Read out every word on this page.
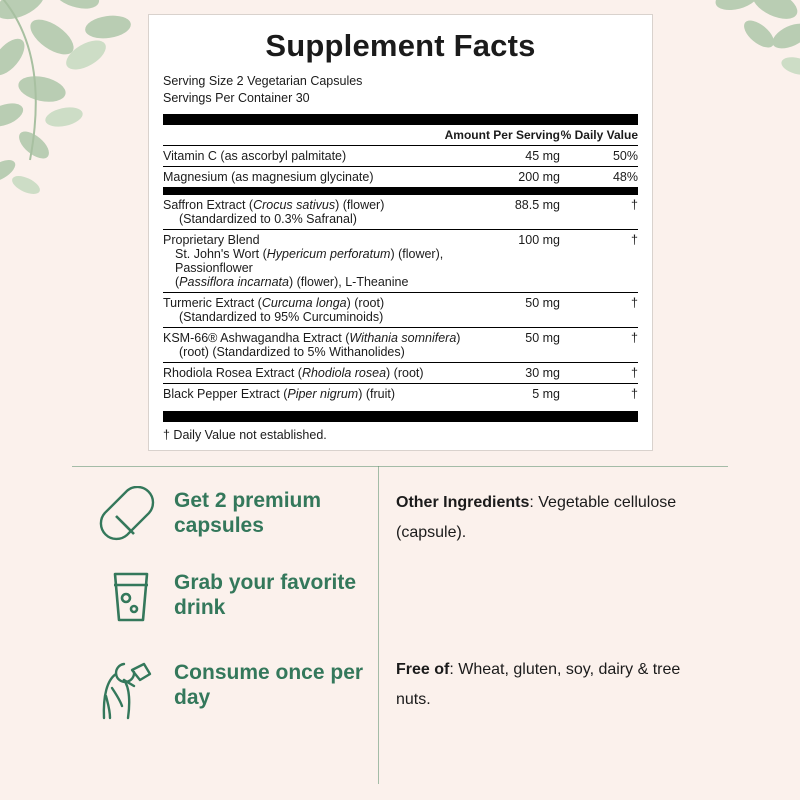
Supplement Facts
Serving Size 2 Vegetarian Capsules
Servings Per Container 30
	Amount Per Serving	% Daily Value
Vitamin C (as ascorbyl palmitate)	45 mg	50%
Magnesium (as magnesium glycinate)	200 mg	48%
Saffron Extract (Crocus sativus) (flower)
(Standardized to 0.3% Safranal)	88.5 mg	†
Proprietary Blend
St. John's Wort (Hypericum perforatum) (flower), Passionflower
(Passiflora incarnata) (flower), L-Theanine	100 mg	†
Turmeric Extract (Curcuma longa) (root)
(Standardized to 95% Curcuminoids)	50 mg	†
KSM-66® Ashwagandha Extract (Withania somnifera)
(root) (Standardized to 5% Withanolides)	50 mg	†
Rhodiola Rosea Extract (Rhodiola rosea) (root)	30 mg	†
Black Pepper Extract (Piper nigrum) (fruit)	5 mg	†
† Daily Value not established.
Get 2 premium capsules
Grab your favorite drink
Consume once per day
Other Ingredients: Vegetable cellulose (capsule).
Free of: Wheat, gluten, soy, dairy & tree nuts.
